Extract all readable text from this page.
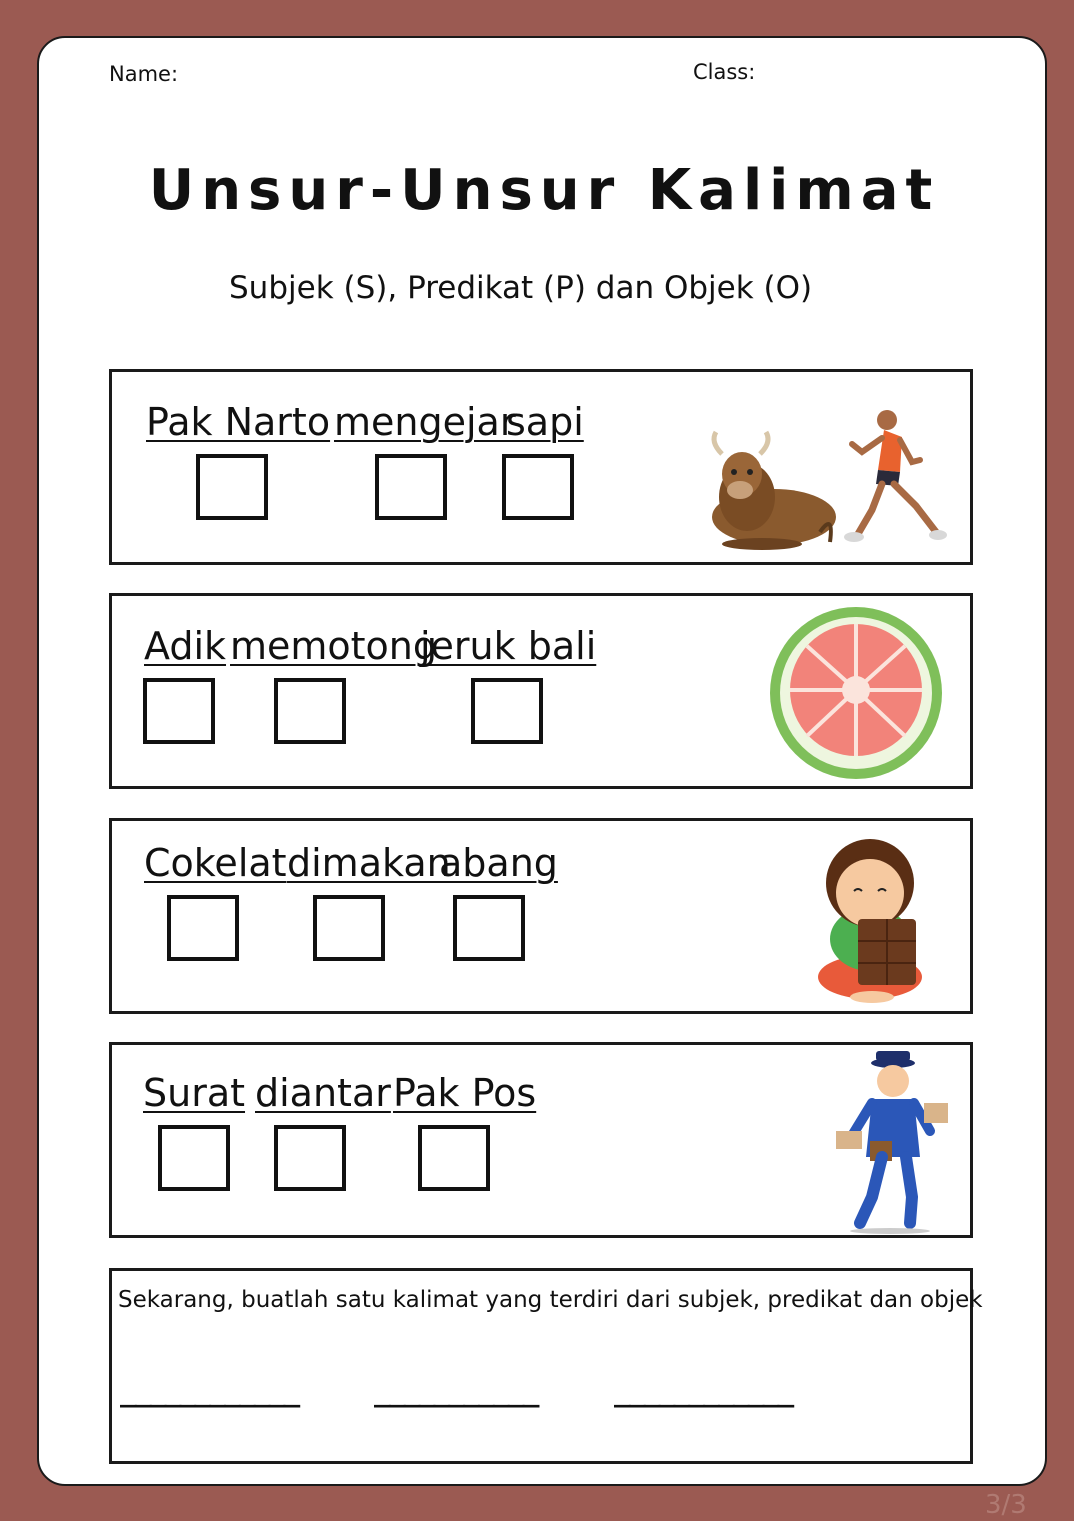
Name:	Class:
Unsur-Unsur Kalimat
Subjek (S), Predikat (P) dan Objek (O)
Pak Narto mengejar
sapi
Adik memotong
jeruk bali
Cokelat dimakan
abang
Surat diantar Pak Pos
Sekarang, buatlah satu kalimat yang terdiri dari subjek, predikat dan objek
____________	___________	____________
3/3
